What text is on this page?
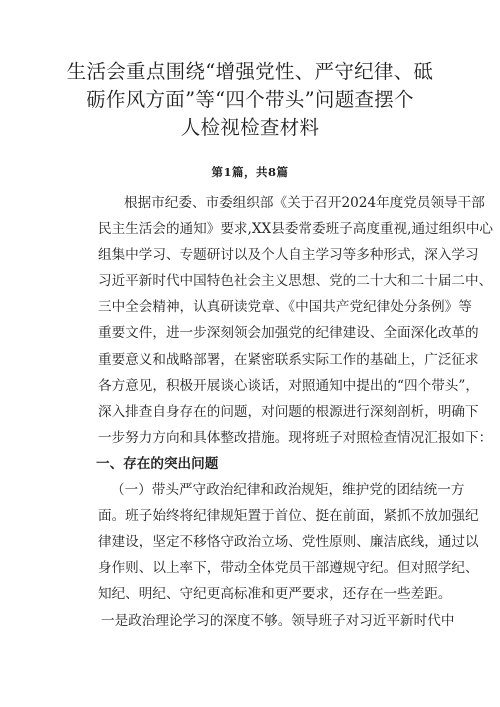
生活会重点围绕“增强党性、严守纪律、砥
砺作风方面”等“四个带头”问题查摆个
人检视检查材料
第1篇，共8篇
根据市纪委、市委组织部《关于召开2024年度党员领导干部
民主生活会的通知》要求,XX县委常委班子高度重视,通过组织中心
组集中学习、专题研讨以及个人自主学习等多种形式，深入学习
习近平新时代中国特色社会主义思想、党的二十大和二十届二中、
三中全会精神，认真研读党章、《中国共产党纪律处分条例》等
重要文件，进一步深刻领会加强党的纪律建设、全面深化改革的
重要意义和战略部署，在紧密联系实际工作的基础上，广泛征求
各方意见，积极开展谈心谈话，对照通知中提出的“四个带头”，
深入排查自身存在的问题，对问题的根源进行深刻剖析，明确下
一步努力方向和具体整改措施。现将班子对照检查情况汇报如下：
一、存在的突出问题
（一）带头严守政治纪律和政治规矩，维护党的团结统一方
面。班子始终将纪律规矩置于首位、挺在前面，紧抓不放加强纪
律建设，坚定不移恪守政治立场、党性原则、廉洁底线，通过以
身作则、以上率下，带动全体党员干部遵规守纪。但对照学纪、
知纪、明纪、守纪更高标准和更严要求，还存在一些差距。
一是政治理论学习的深度不够。领导班子对习近平新时代中
